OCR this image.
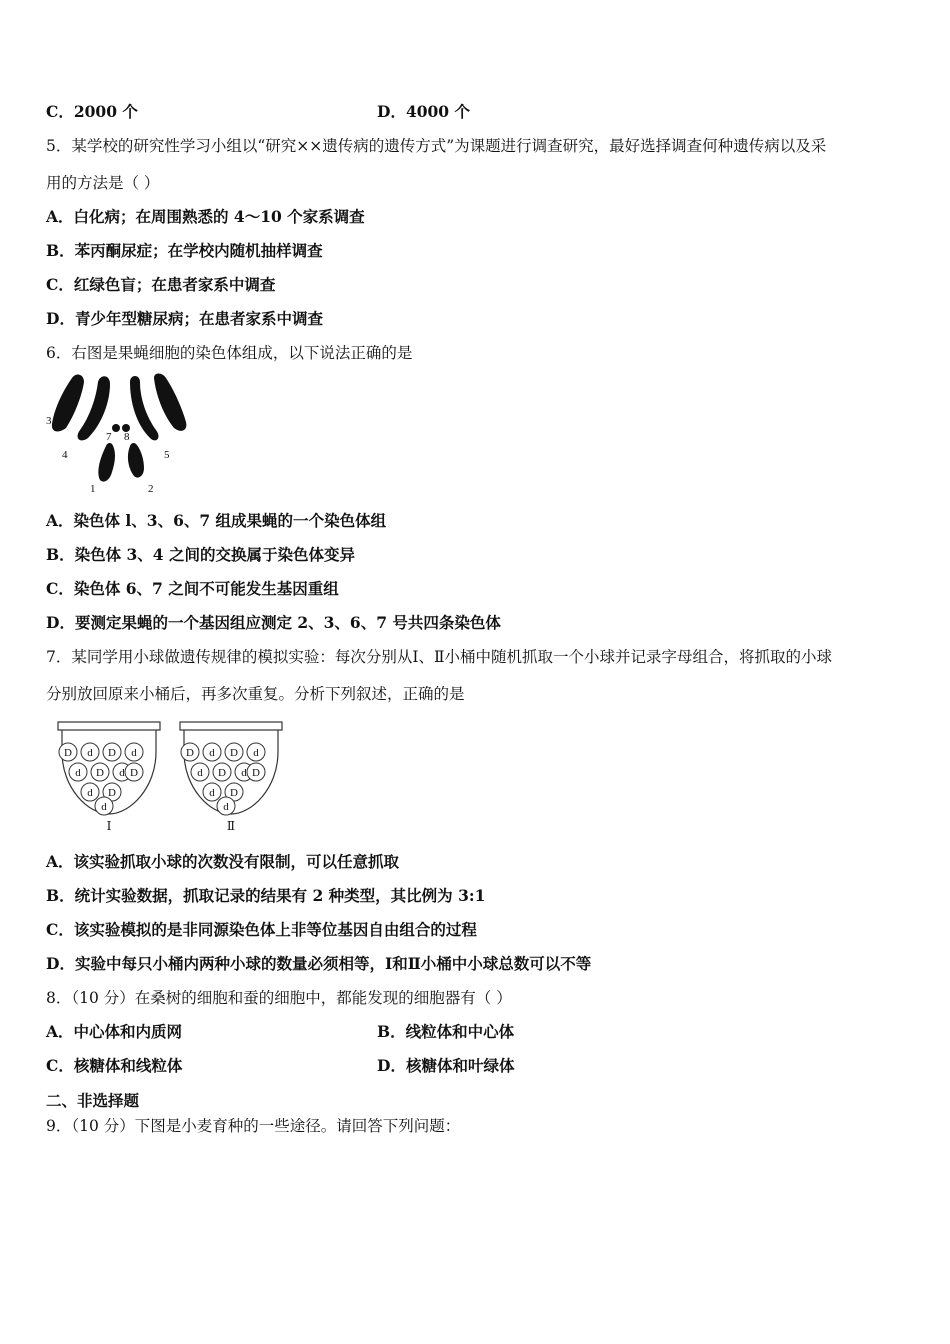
C．2000 个	D．4000 个
5．某学校的研究性学习小组以“研究××遗传病的遗传方式”为课题进行调查研究，最好选择调查何种遗传病以及采
用的方法是（ ）
A．白化病；在周围熟悉的 4～10 个家系调查
B．苯丙酮尿症；在学校内随机抽样调查
C．红绿色盲；在患者家系中调查
D．青少年型糖尿病；在患者家系中调查
6．右图是果蝇细胞的染色体组成，以下说法正确的是
3
4
7 8
5
6
1	2
A．染色体 l、3、6、7 组成果蝇的一个染色体组
B．染色体 3、4 之间的交换属于染色体变异
C．染色体 6、7 之间不可能发生基因重组
D．要测定果蝇的一个基因组应测定 2、3、6、7 号共四条染色体
7．某同学用小球做遗传规律的模拟实验：每次分别从Ⅰ、Ⅱ小桶中随机抓取一个小球并记录字母组合，将抓取的小球
分别放回原来小桶后，再多次重复。分析下列叙述，正确的是
D d D d
d D d
d D
D
d
Ⅰ
D d D d
d D d
d D
D
d
Ⅱ
A．该实验抓取小球的次数没有限制，可以任意抓取
B．统计实验数据，抓取记录的结果有 2 种类型，其比例为 3:1
C．该实验模拟的是非同源染色体上非等位基因自由组合的过程
D．实验中每只小桶内两种小球的数量必须相等，Ⅰ和Ⅱ小桶中小球总数可以不等
8．（10 分）在桑树的细胞和蚕的细胞中，都能发现的细胞器有（ ）
A．中心体和内质网	B．线粒体和中心体
C．核糖体和线粒体	D．核糖体和叶绿体
二、非选择题
9．（10 分）下图是小麦育种的一些途径。请回答下列问题：
